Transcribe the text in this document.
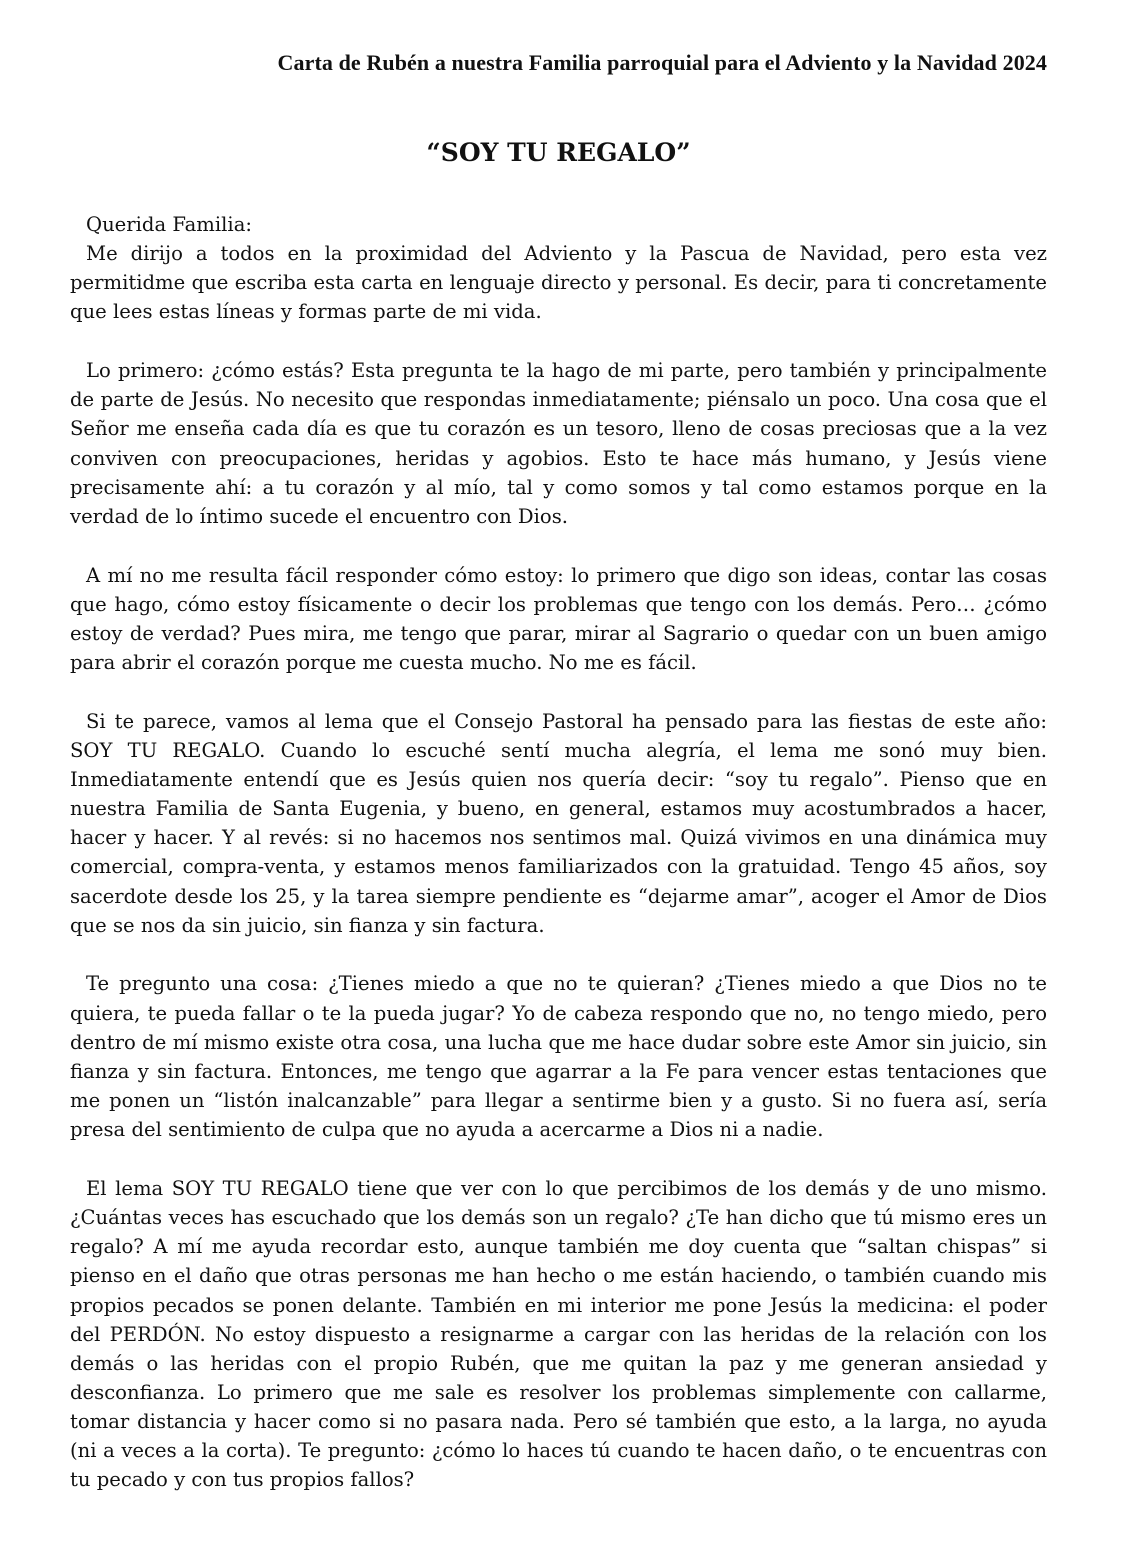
Carta de Rubén a nuestra Familia parroquial para el Adviento y la Navidad 2024
“SOY TU REGALO”

Querida Familia:

Me dirijo a todos en la proximidad del Adviento y la Pascua de Navidad, pero esta vez permitidme que escriba esta carta en lenguaje directo y personal. Es decir, para ti concretamente que lees estas líneas y formas parte de mi vida.

Lo primero: ¿cómo estás? Esta pregunta te la hago de mi parte, pero también y principalmente de parte de Jesús. No necesito que respondas inmediatamente; piénsalo un poco. Una cosa que el Señor me enseña cada día es que tu corazón es un tesoro, lleno de cosas preciosas que a la vez conviven con preocupaciones, heridas y agobios. Esto te hace más humano, y Jesús viene precisamente ahí: a tu corazón y al mío, tal y como somos y tal como estamos porque en la verdad de lo íntimo sucede el encuentro con Dios.

A mí no me resulta fácil responder cómo estoy: lo primero que digo son ideas, contar las cosas que hago, cómo estoy físicamente o decir los problemas que tengo con los demás. Pero… ¿cómo estoy de verdad? Pues mira, me tengo que parar, mirar al Sagrario o quedar con un buen amigo para abrir el corazón porque me cuesta mucho. No me es fácil.

Si te parece, vamos al lema que el Consejo Pastoral ha pensado para las fiestas de este año: SOY TU REGALO. Cuando lo escuché sentí mucha alegría, el lema me sonó muy bien. Inmediatamente entendí que es Jesús quien nos quería decir: “soy tu regalo”. Pienso que en nuestra Familia de Santa Eugenia, y bueno, en general, estamos muy acostumbrados a hacer, hacer y hacer. Y al revés: si no hacemos nos sentimos mal. Quizá vivimos en una dinámica muy comercial, compra-venta, y estamos menos familiarizados con la gratuidad. Tengo 45 años, soy sacerdote desde los 25, y la tarea siempre pendiente es “dejarme amar”, acoger el Amor de Dios que se nos da sin juicio, sin fianza y sin factura.

Te pregunto una cosa: ¿Tienes miedo a que no te quieran? ¿Tienes miedo a que Dios no te quiera, te pueda fallar o te la pueda jugar? Yo de cabeza respondo que no, no tengo miedo, pero dentro de mí mismo existe otra cosa, una lucha que me hace dudar sobre este Amor sin juicio, sin fianza y sin factura. Entonces, me tengo que agarrar a la Fe para vencer estas tentaciones que me ponen un “listón inalcanzable” para llegar a sentirme bien y a gusto. Si no fuera así, sería presa del sentimiento de culpa que no ayuda a acercarme a Dios ni a nadie.

El lema SOY TU REGALO tiene que ver con lo que percibimos de los demás y de uno mismo. ¿Cuántas veces has escuchado que los demás son un regalo? ¿Te han dicho que tú mismo eres un regalo? A mí me ayuda recordar esto, aunque también me doy cuenta que “saltan chispas” si pienso en el daño que otras personas me han hecho o me están haciendo, o también cuando mis propios pecados se ponen delante. También en mi interior me pone Jesús la medicina: el poder del PERDÓN. No estoy dispuesto a resignarme a cargar con las heridas de la relación con los demás o las heridas con el propio Rubén, que me quitan la paz y me generan ansiedad y desconfianza. Lo primero que me sale es resolver los problemas simplemente con callarme, tomar distancia y hacer como si no pasara nada. Pero sé también que esto, a la larga, no ayuda (ni a veces a la corta). Te pregunto: ¿cómo lo haces tú cuando te hacen daño, o te encuentras con tu pecado y con tus propios fallos?
